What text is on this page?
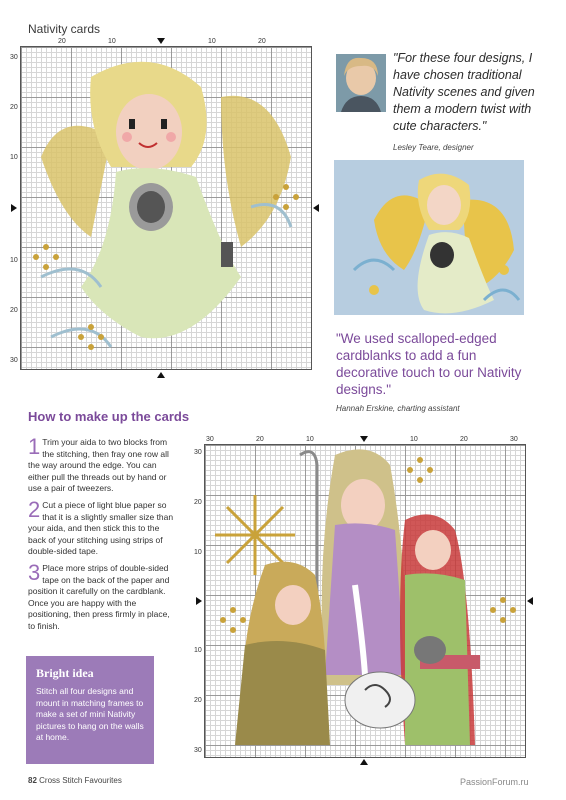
Nativity cards
20	10	10	20
30
20
10
10
20
30
"For these four designs, I have chosen traditional Nativity scenes and given them a modern twist with cute characters."
Lesley Teare, designer
"We used scalloped-edged cardblanks to add a fun decorative touch to our Nativity designs."
Hannah Erskine, charting assistant
How to make up the cards
1 Trim your aida to two blocks from the stitching, then fray one row all the way around the edge. You can either pull the threads out by hand or use a pair of tweezers.
2 Cut a piece of light blue paper so that it is a slightly smaller size than your aida, and then stick this to the back of your stitching using strips of double-sided tape.
3 Place more strips of double-sided tape on the back of the paper and position it carefully on the cardblank. Once you are happy with the positioning, then press firmly in place, to finish.
Bright idea
Stitch all four designs and mount in matching frames to make a set of mini Nativity pictures to hang on the walls at home.
30	20	10	10	20	30
30
20
10
10
20
30
82 Cross Stitch Favourites	PassionForum.ru
